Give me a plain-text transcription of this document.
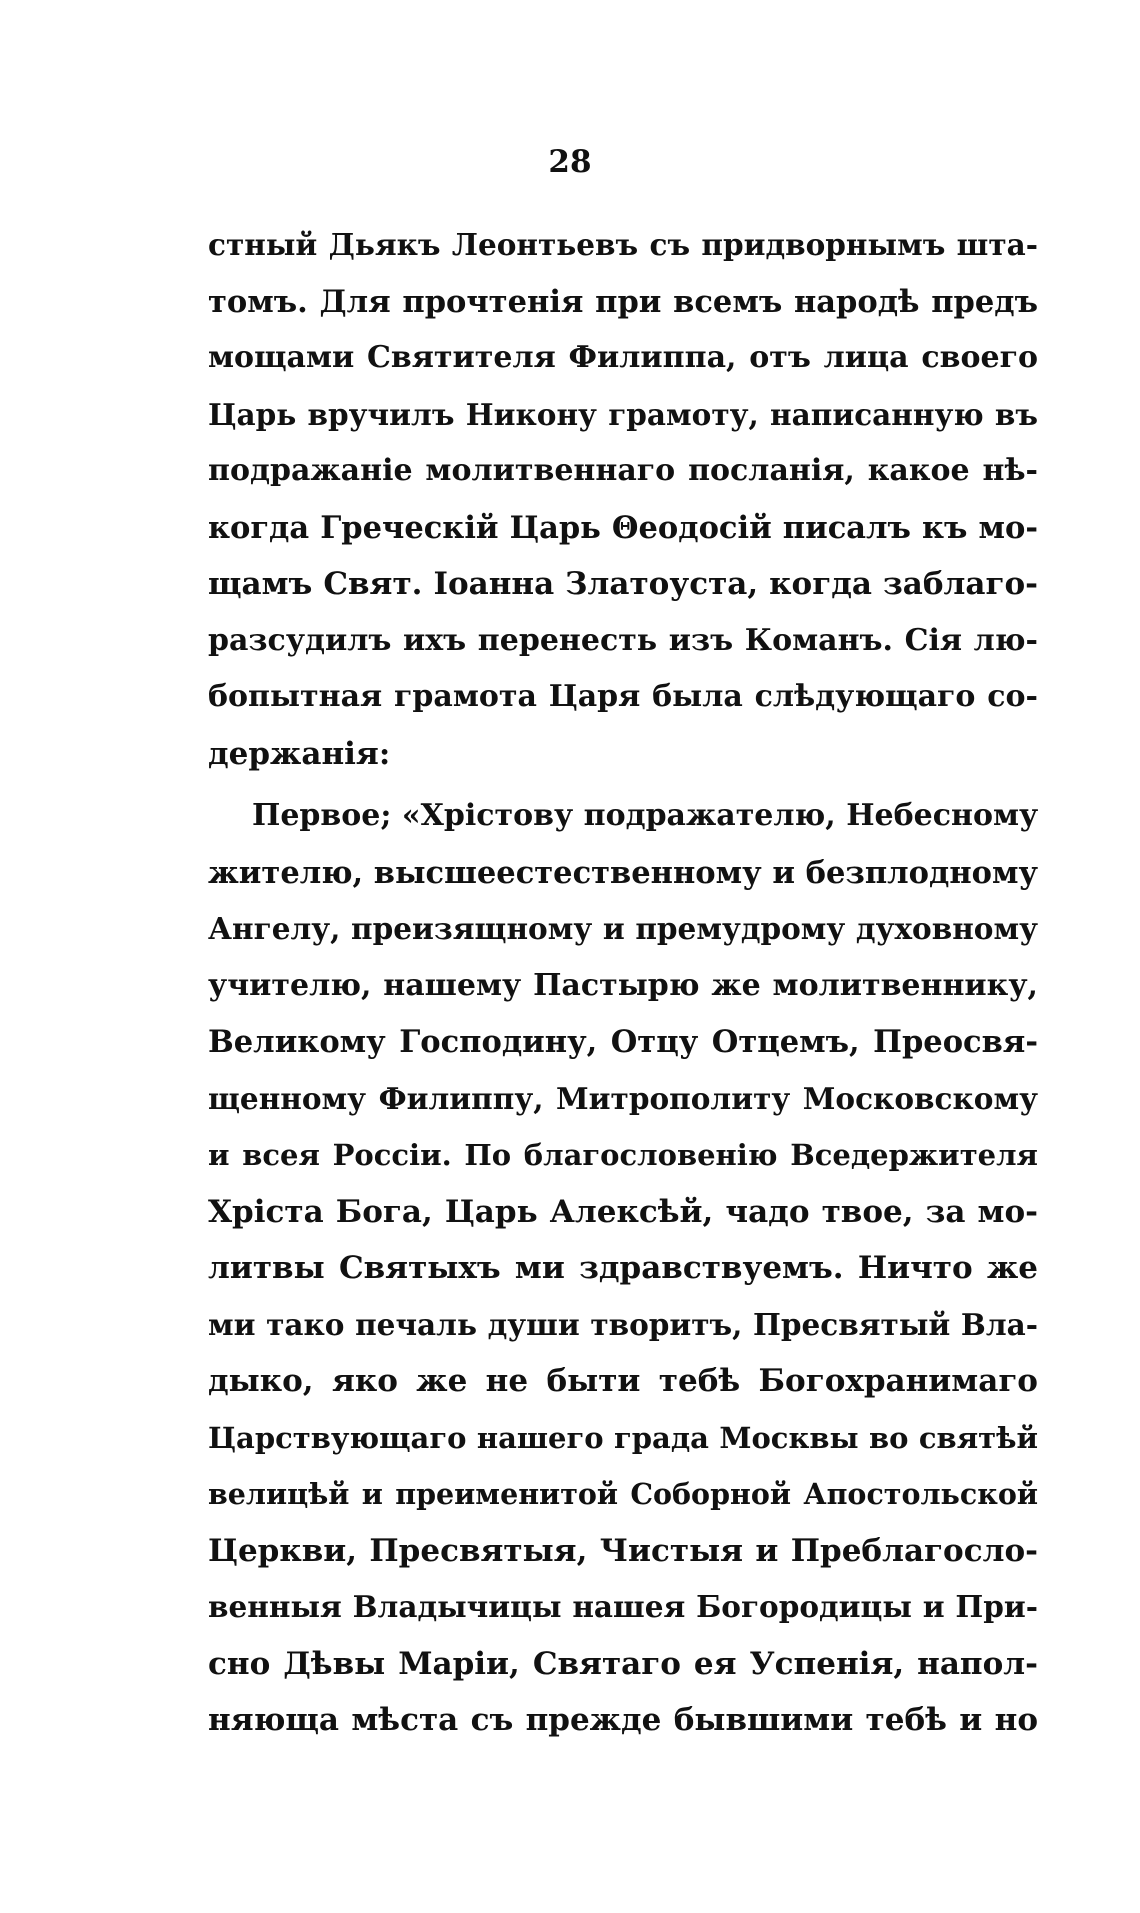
28
стный Дьякъ Леонтьевъ съ придворнымъ шта-
томъ. Для прочтенія при всемъ народѣ предъ
мощами Святителя Филиппа, отъ лица своего
Царь вручилъ Никону грамоту, написанную въ
подражаніе молитвеннаго посланія, какое нѣ-
когда Греческій Царь Θеодосій писалъ къ мо-
щамъ Свят. Іоанна Златоуста, когда заблаго-
разсудилъ ихъ перенесть изъ Команъ. Сія лю-
бопытная грамота Царя была слѣдующаго со-
держанія:
Первое; «Хрістову подражателю, Небесному
жителю, высшеестественному и безплодному
Ангелу, преизящному и премудрому духовному
учителю, нашему Пастырю же молитвеннику,
Великому Господину, Отцу Отцемъ, Преосвя-
щенному Филиппу, Митрополиту Московскому
и всея Россіи. По благословенію Вседержителя
Хріста Бога, Царь Алексѣй, чадо твое, за мо-
литвы Святыхъ ми здравствуемъ. Ничто же
ми тако печаль души творитъ, Пресвятый Вла-
дыко, яко же не быти тебѣ Богохранимаго
Царствующаго нашего града Москвы во святѣй
велицѣй и преименитой Соборной Апостольской
Церкви, Пресвятыя, Чистыя и Преблагосло-
венныя Владычицы нашея Богородицы и При-
сно Дѣвы Маріи, Святаго ея Успенія, напол-
няюща мѣста съ прежде бывшими тебѣ и но
